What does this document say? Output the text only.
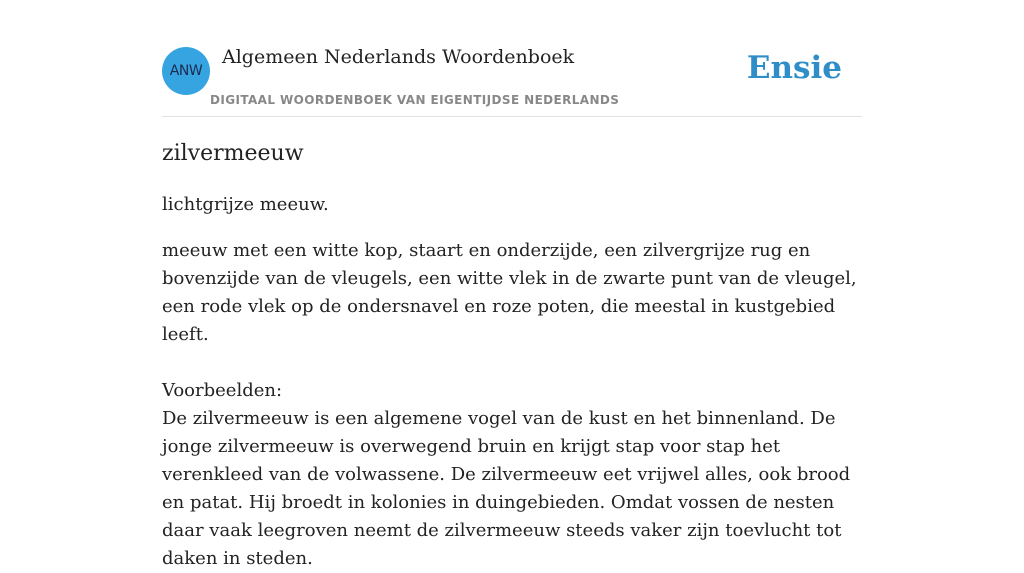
ANW
Algemeen Nederlands Woordenboek
DIGITAAL WOORDENBOEK VAN EIGENTIJDSE NEDERLANDS
Ensie
zilvermeeuw

lichtgrijze meeuw.

meeuw met een witte kop, staart en onderzijde, een zilvergrijze rug en bovenzijde van de vleugels, een witte vlek in de zwarte punt van de vleugel, een rode vlek op de ondersnavel en roze poten, die meestal in kustgebied leeft.

Voorbeelden:

De zilvermeeuw is een algemene vogel van de kust en het binnenland. De jonge zilvermeeuw is overwegend bruin en krijgt stap voor stap het verenkleed van de volwassene. De zilvermeeuw eet vrijwel alles, ook brood en patat. Hij broedt in kolonies in duingebieden. Omdat vossen de nesten daar vaak leegroven neemt de zilvermeeuw steeds vaker zijn toevlucht tot daken in steden.
